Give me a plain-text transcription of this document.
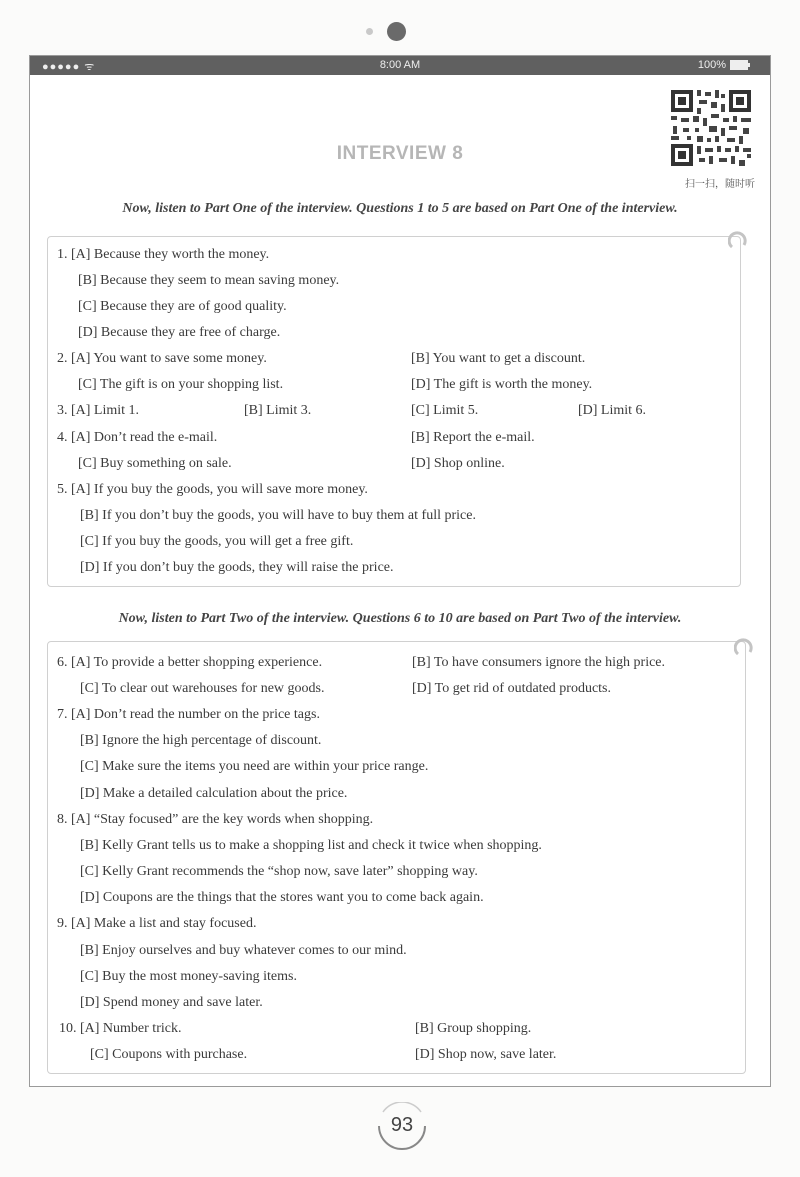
●●●●● ᯤ	8:00 AM	100%
INTERVIEW 8
扫一扫，随时听
Now, listen to Part One of the interview. Questions 1 to 5 are based on Part One of the interview.
1. [A] Because they worth the money.
[B] Because they seem to mean saving money.
[C] Because they are of good quality.
[D] Because they are free of charge.
2. [A] You want to save some money.	[B] You want to get a discount.
[C] The gift is on your shopping list.	[D] The gift is worth the money.
3. [A] Limit 1.	[B] Limit 3.	[C] Limit 5.	[D] Limit 6.
4. [A] Don’t read the e-mail.	[B] Report the e-mail.
[C] Buy something on sale.	[D] Shop online.
5. [A] If you buy the goods, you will save more money.
[B] If you don’t buy the goods, you will have to buy them at full price.
[C] If you buy the goods, you will get a free gift.
[D] If you don’t buy the goods, they will raise the price.
Now, listen to Part Two of the interview. Questions 6 to 10 are based on Part Two of the interview.
6. [A] To provide a better shopping experience.	[B] To have consumers ignore the high price.
[C] To clear out warehouses for new goods.	[D] To get rid of outdated products.
7. [A] Don’t read the number on the price tags.
[B] Ignore the high percentage of discount.
[C] Make sure the items you need are within your price range.
[D] Make a detailed calculation about the price.
8. [A] “Stay focused” are the key words when shopping.
[B] Kelly Grant tells us to make a shopping list and check it twice when shopping.
[C] Kelly Grant recommends the “shop now, save later” shopping way.
[D] Coupons are the things that the stores want you to come back again.
9. [A] Make a list and stay focused.
[B] Enjoy ourselves and buy whatever comes to our mind.
[C] Buy the most money-saving items.
[D] Spend money and save later.
10. [A] Number trick.	[B] Group shopping.
[C] Coupons with purchase.	[D] Shop now, save later.
93
